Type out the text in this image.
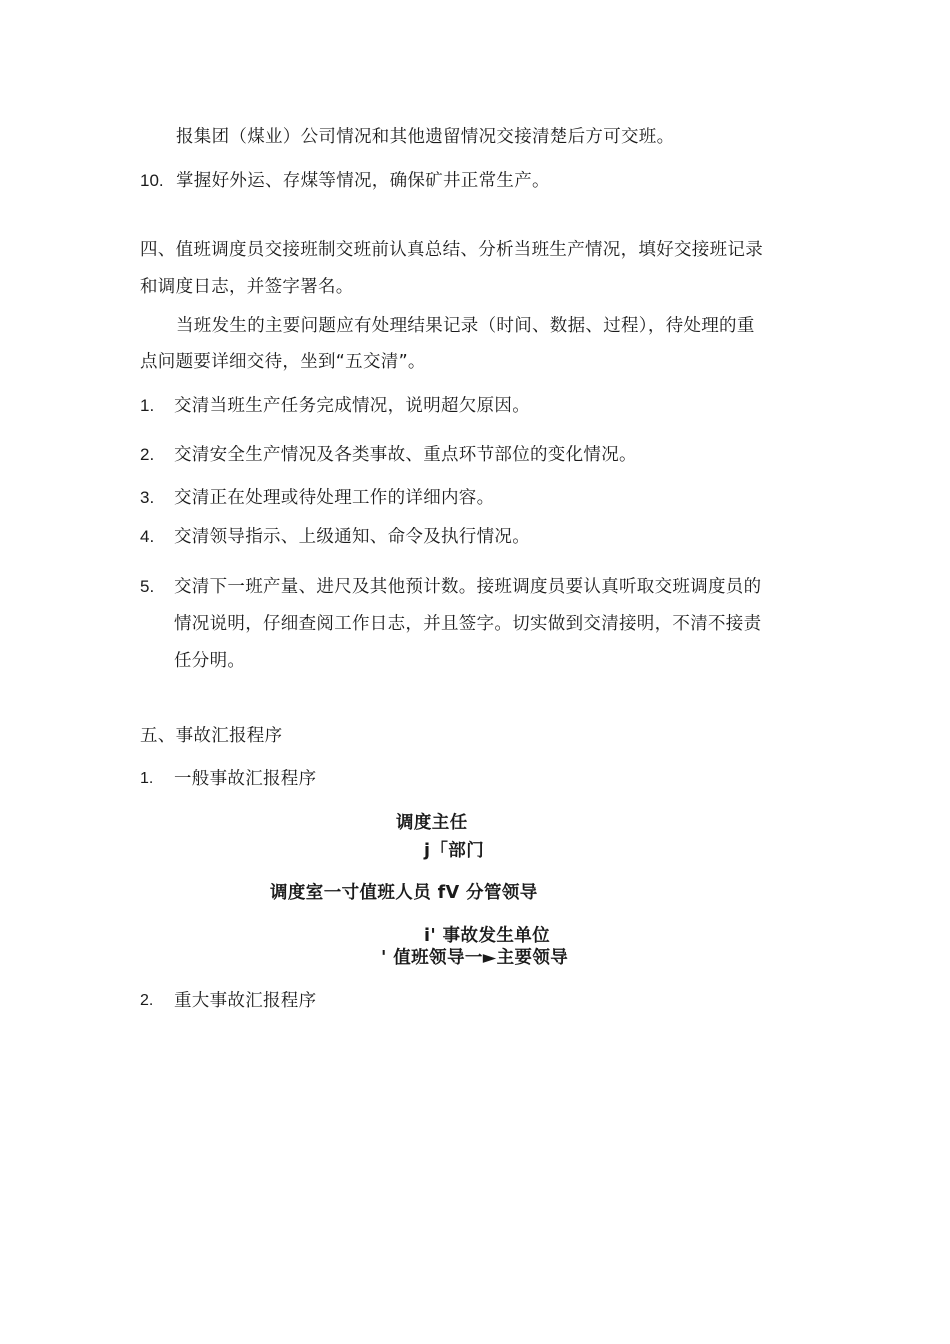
报集团（煤业）公司情况和其他遗留情况交接清楚后方可交班。
10. 掌握好外运、存煤等情况，确保矿井正常生产。
四、值班调度员交接班制交班前认真总结、分析当班生产情况，填好交接班记录
和调度日志，并签字署名。
当班发生的主要问题应有处理结果记录（时间、数据、过程），待处理的重
点问题要详细交待，坐到“五交清”。
1. 交清当班生产任务完成情况，说明超欠原因。
2. 交清安全生产情况及各类事故、重点环节部位的变化情况。
3. 交清正在处理或待处理工作的详细内容。
4. 交清领导指示、上级通知、命令及执行情况。
5. 交清下一班产量、进尺及其他预计数。接班调度员要认真听取交班调度员的
情况说明，仔细查阅工作日志，并且签字。切实做到交清接明，不清不接责
任分明。
五、事故汇报程序
1. 一般事故汇报程序
调度主任
j「部门
调度室一寸值班人员 fV 分管领导
i' 事故发生单位
' 值班领导一►主要领导
2. 重大事故汇报程序
